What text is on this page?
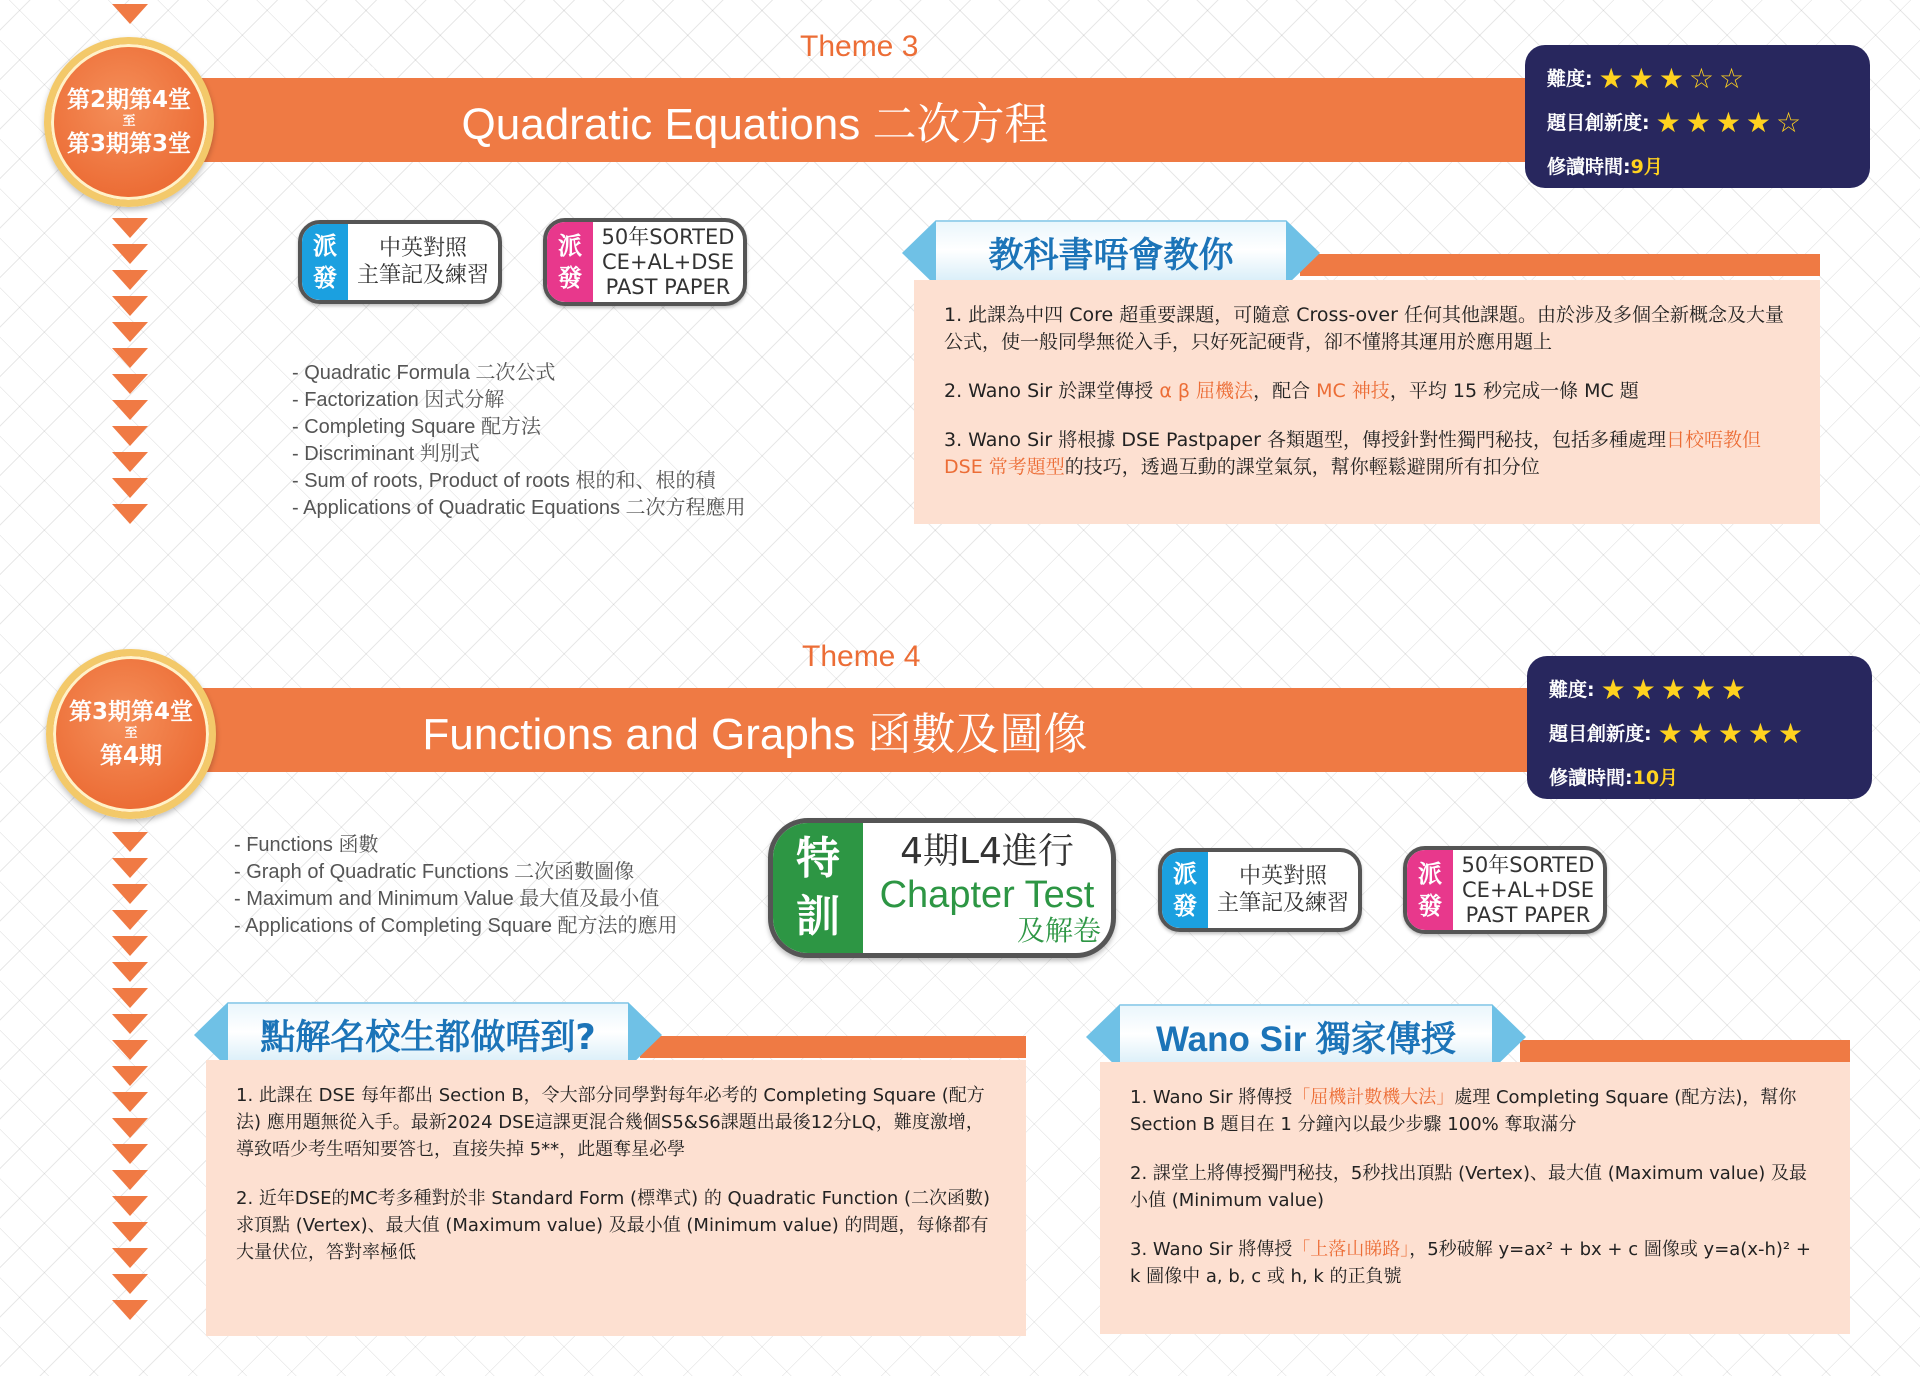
Theme 3
Quadratic Equations 二次方程
第2期第4堂
至
第3期第3堂
難度: ★★★☆☆
題目創新度: ★★★★☆
修讀時間: 9月
派
發
中英對照
主筆記及練習
派
發
50年SORTED
CE+AL+DSE
PAST PAPER
- Quadratic Formula 二次公式
- Factorization 因式分解
- Completing Square 配方法
- Discriminant 判別式
- Sum of roots, Product of roots 根的和、根的積
- Applications of Quadratic Equations 二次方程應用
教科書唔會教你

1. 此課為中四 Core 超重要課題，可隨意 Cross-over 任何其他課題。由於涉及多個全新概念及大量公式，使一般同學無從入手，只好死記硬背，卻不懂將其運用於應用題上

2. Wano Sir 於課堂傳授 α β 屈機法，配合 MC 神技，平均 15 秒完成一條 MC 題

3. Wano Sir 將根據 DSE Pastpaper 各類題型，傳授針對性獨門秘技，包括多種處理日校唔教但 DSE 常考題型的技巧，透過互動的課堂氣氛，幫你輕鬆避開所有扣分位

Theme 4
Functions and Graphs 函數及圖像
第3期第4堂
至
第4期
難度: ★★★★★
題目創新度: ★★★★★
修讀時間: 10月
- Functions 函數
- Graph of Quadratic Functions 二次函數圖像
- Maximum and Minimum Value 最大值及最小值
- Applications of Completing Square 配方法的應用
特
訓
4期L4進行
Chapter Test
及解卷
派
發
中英對照
主筆記及練習
派
發
50年SORTED
CE+AL+DSE
PAST PAPER
點解名校生都做唔到?

1. 此課在 DSE 每年都出 Section B，令大部分同學對每年必考的 Completing Square (配方法) 應用題無從入手。最新2024 DSE這課更混合幾個S5&S6課題出最後12分LQ，難度激增，導致唔少考生唔知要答乜，直接失掉 5**，此題奪星必學

2. 近年DSE的MC考多種對於非 Standard Form (標準式) 的 Quadratic Function (二次函數) 求頂點 (Vertex)、最大值 (Maximum value) 及最小值 (Minimum value) 的問題，每條都有大量伏位，答對率極低

Wano Sir 獨家傳授

1. Wano Sir 將傳授「屈機計數機大法」處理 Completing Square (配方法)，幫你 Section B 題目在 1 分鐘內以最少步驟 100% 奪取滿分

2. 課堂上將傳授獨門秘技，5秒找出頂點 (Vertex)、最大值 (Maximum value) 及最小值 (Minimum value)

3. Wano Sir 將傳授「上落山睇路」，5秒破解 y=ax² + bx + c 圖像或 y=a(x-h)² + k 圖像中 a, b, c 或 h, k 的正負號
